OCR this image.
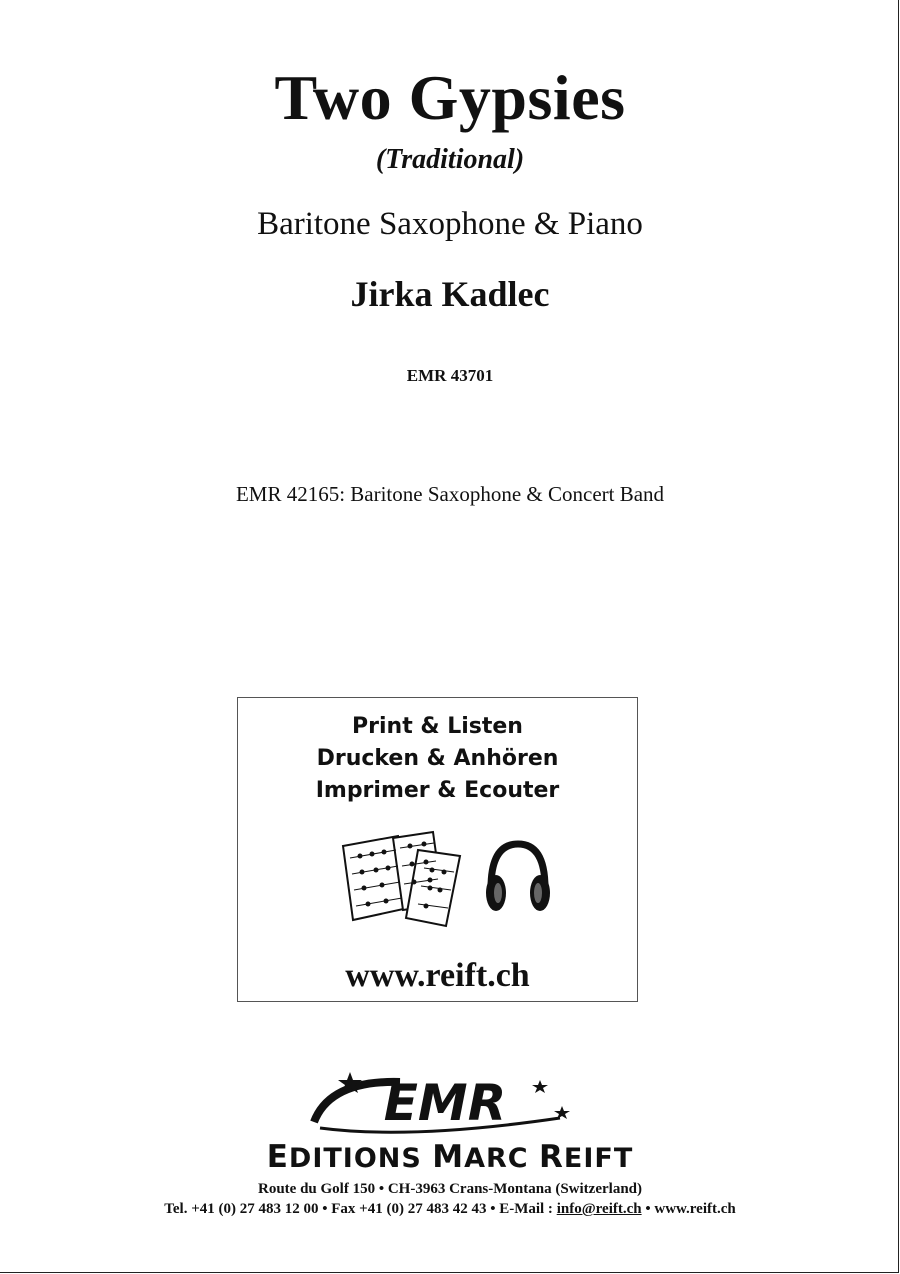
Two Gypsies
(Traditional)
Baritone Saxophone & Piano
Jirka Kadlec
EMR 43701
EMR 42165: Baritone Saxophone & Concert Band
Print & Listen
Drucken & Anhören
Imprimer & Ecouter
www.reift.ch
EMR
EDITIONS MARC REIFT
Route du Golf 150 • CH-3963 Crans-Montana (Switzerland)
Tel. +41 (0) 27 483 12 00 • Fax +41 (0) 27 483 42 43 • E-Mail : info@reift.ch • www.reift.ch
